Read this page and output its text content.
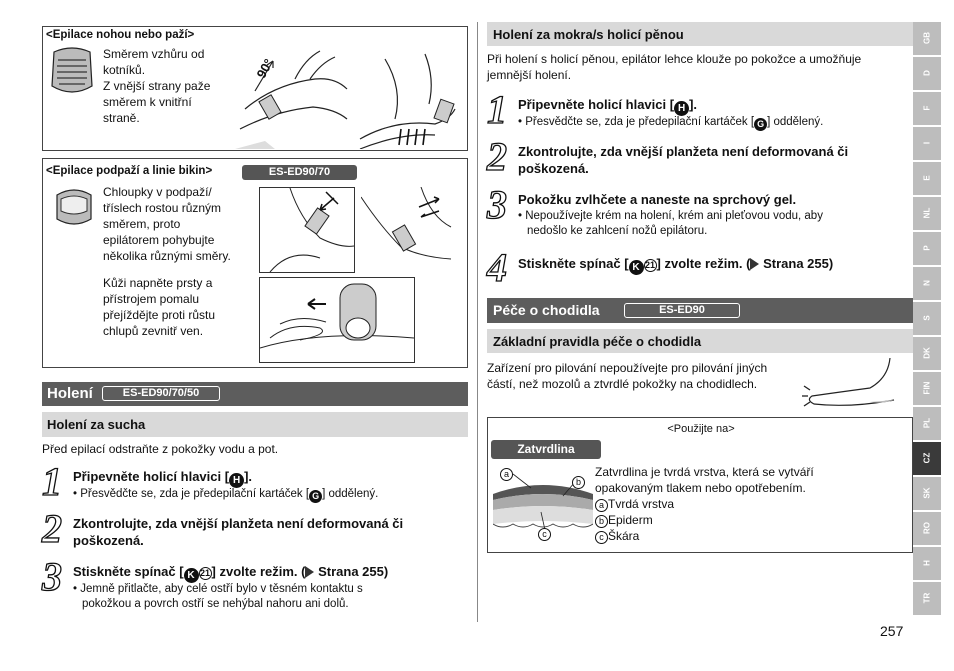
<Epilace nohou nebo paží>
Směrem vzhůru od
kotníků.
Z vnější strany paže
směrem k vnitřní
straně.
90°
<Epilace podpaží a linie bikin>	ES-ED90/70
Chloupky v podpaží/
tříslech rostou různým
směrem, proto
epilátorem pohybujte
několika různými směry.
Kůži napněte prsty a
přístrojem pomalu
přejíždějte proti růstu
chlupů zevnitř ven.
Holení	ES-ED90/70/50
Holení za sucha
Před epilací odstraňte z pokožky vodu a pot.
1 Připevněte holicí hlavici [ H ].
• Přesvědčte se, zda je předepilační kartáček [ G ] oddělený.
2 Zkontrolujte, zda vnější planžeta není deformovaná či
poškozená.
3 Stiskněte spínač [ K 21 ] zvolte režim. ( Strana 255)
• Jemně přitlačte, aby celé ostří bylo v těsném kontaktu s
pokožkou a povrch ostří se nehýbal nahoru ani dolů.
Holení za mokra/s holicí pěnou
Při holení s holicí pěnou, epilátor lehce klouže po pokožce a umožňuje
jemnější holení.
1 Připevněte holicí hlavici [ H ].
• Přesvědčte se, zda je předepilační kartáček [ G ] oddělený.
2 Zkontrolujte, zda vnější planžeta není deformovaná či
poškozená.
3 Pokožku zvlhčete a naneste na sprchový gel.
• Nepoužívejte krém na holení, krém ani pleťovou vodu, aby
nedošlo ke zahlcení nožů epilátoru.
4 Stiskněte spínač [ K 21 ] zvolte režim. ( Strana 255)
Péče o chodidla	ES-ED90
Základní pravidla péče o chodidla
Zařízení pro pilování nepoužívejte pro pilování jiných
částí, než mozolů a ztvrdlé pokožky na chodidlech.
<Použijte na>
Zatvrdlina
a
b
c
Zatvrdlina je tvrdá vrstva, která se vytváří
opakovaným tlakem nebo opotřebením.
a Tvrdá vrstva
b Epiderm
c Škára
257
GB
D
F
I
E
NL
P
N
S
DK
FIN
PL
CZ
SK
RO
H
TR
